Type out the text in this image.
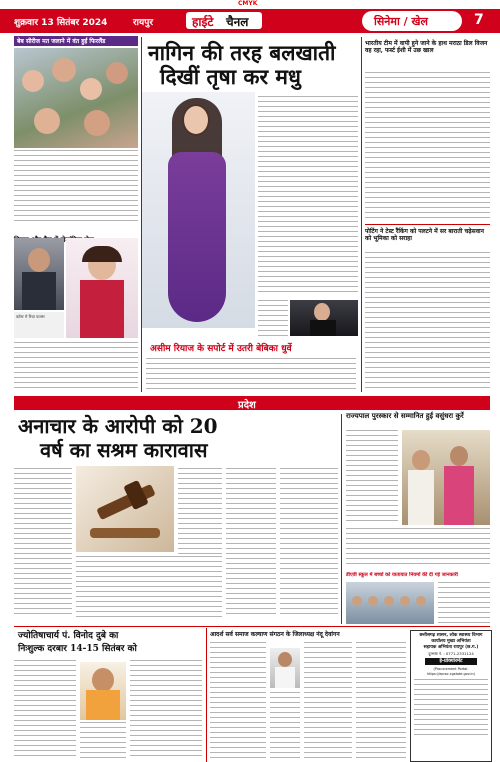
CMYK
शुक्रवार 13 सितंबर 2024	रायपुर	हाईटे चैनल	सिनेमा / खेल	7
बेब सीरीज मत जलाने में वंत हुईं फिरलैंड
कॉस्ट मे रिचा फलस
नागिन की तरह बलखाती
दिखीं तृषा कर मधु
असीम रियाज के सपोर्ट में उतरी बेबिका धुर्वे
भारतीय टीम में वापी हुने जाने के हाथ मराठा डिल विजन वह रहा, फर्स्ट ईशी में उछ खाल
पोटिंग ने टेस्ट रैंकिंग को पलटने में सर बाराती चढ़ेसवान को भूमिका को सराहा
प्रदेश
अनाचार के आरोपी को 20
वर्ष का सश्रम कारावास
राज्यपाल पुरस्कार से सम्मानित हुई वसुंधरा कुर्रे
डीएवी स्कूल में बच्चों को यातायात नियमों की दी गई जानकारी
ज्योतिषाचार्य पं. विनोद दुबे का
निःशुल्क दरबार 14-15 सितंबर को
आदर्श सर्व समाज कल्याण संगठन के जिलाध्यक्ष नंदू देवांगन	छत्तीसगढ़ शासन, लोक स्वास्थ्य विभाग
कार्यालय मुख्य अभियंता
सहायक अभियंता रायपुर (छ.ग.)
दूरभाष नं. : 0771-2331124
ई-प्रोक्योरमेंट
(Procurement Portal: https://eproc.cgstate.gov.in)
